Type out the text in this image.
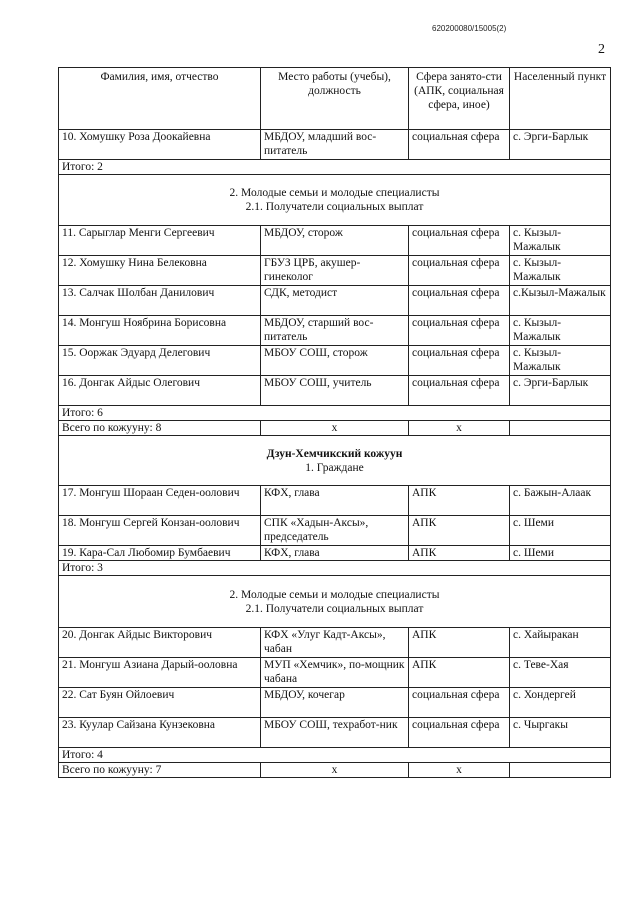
620200080/15005(2)
2
Фамилия, имя, отчество	Место работы (учебы), должность	Сфера занято-сти (АПК, социальная сфера, иное)	Населенный пункт
10. Хомушку Роза Доокайевна	МБДОУ, младший вос-питатель	социальная сфера	с. Эрги-Барлык
Итого: 2			

2. Молодые семьи и молодые специалисты
2.1. Получатели социальных выплат			

11. Сарыглар Менги Сергеевич	МБДОУ, сторож	социальная сфера	с. Кызыл-Мажалык
12. Хомушку Нина Белековна	ГБУЗ ЦРБ, акушер-гинеколог	социальная сфера	с. Кызыл-Мажалык
13. Салчак Шолбан Данилович	СДК, методист	социальная сфера	с.Кызыл-Мажалык
14. Монгуш Ноябрина Борисовна	МБДОУ, старший вос-питатель	социальная сфера	с. Кызыл-Мажалык
15. Ооржак Эдуард Делегович	МБОУ СОШ, сторож	социальная сфера	с. Кызыл-Мажалык
16. Донгак Айдыс Олегович	МБОУ СОШ, учитель	социальная сфера	с. Эрги-Барлык
Итого: 6			
Всего по кожууну: 8	x	x	

Дзун-Хемчикский кожуун
1. Граждане			

17. Монгуш Шораан Седен-оолович	КФХ, глава	АПК	с. Бажын-Алаак
18. Монгуш Сергей Конзан-оолович	СПК «Хадын-Аксы», председатель	АПК	с. Шеми
19. Кара-Сал Любомир Бумбаевич	КФХ, глава	АПК	с. Шеми
Итого: 3			

2. Молодые семьи и молодые специалисты
2.1. Получатели социальных выплат			

20. Донгак Айдыс Викторович	КФХ «Улуг Кадт-Аксы», чабан	АПК	с. Хайыракан
21. Монгуш Азиана Дарый-ооловна	МУП «Хемчик», по-мощник чабана	АПК	с. Теве-Хая
22. Сат Буян Ойлоевич	МБДОУ, кочегар	социальная сфера	с. Хондергей
23. Куулар Сайзана Кунзековна	МБОУ СОШ, техработ-ник	социальная сфера	с. Чыргакы
Итого: 4			
Всего по кожууну: 7	x	x	
